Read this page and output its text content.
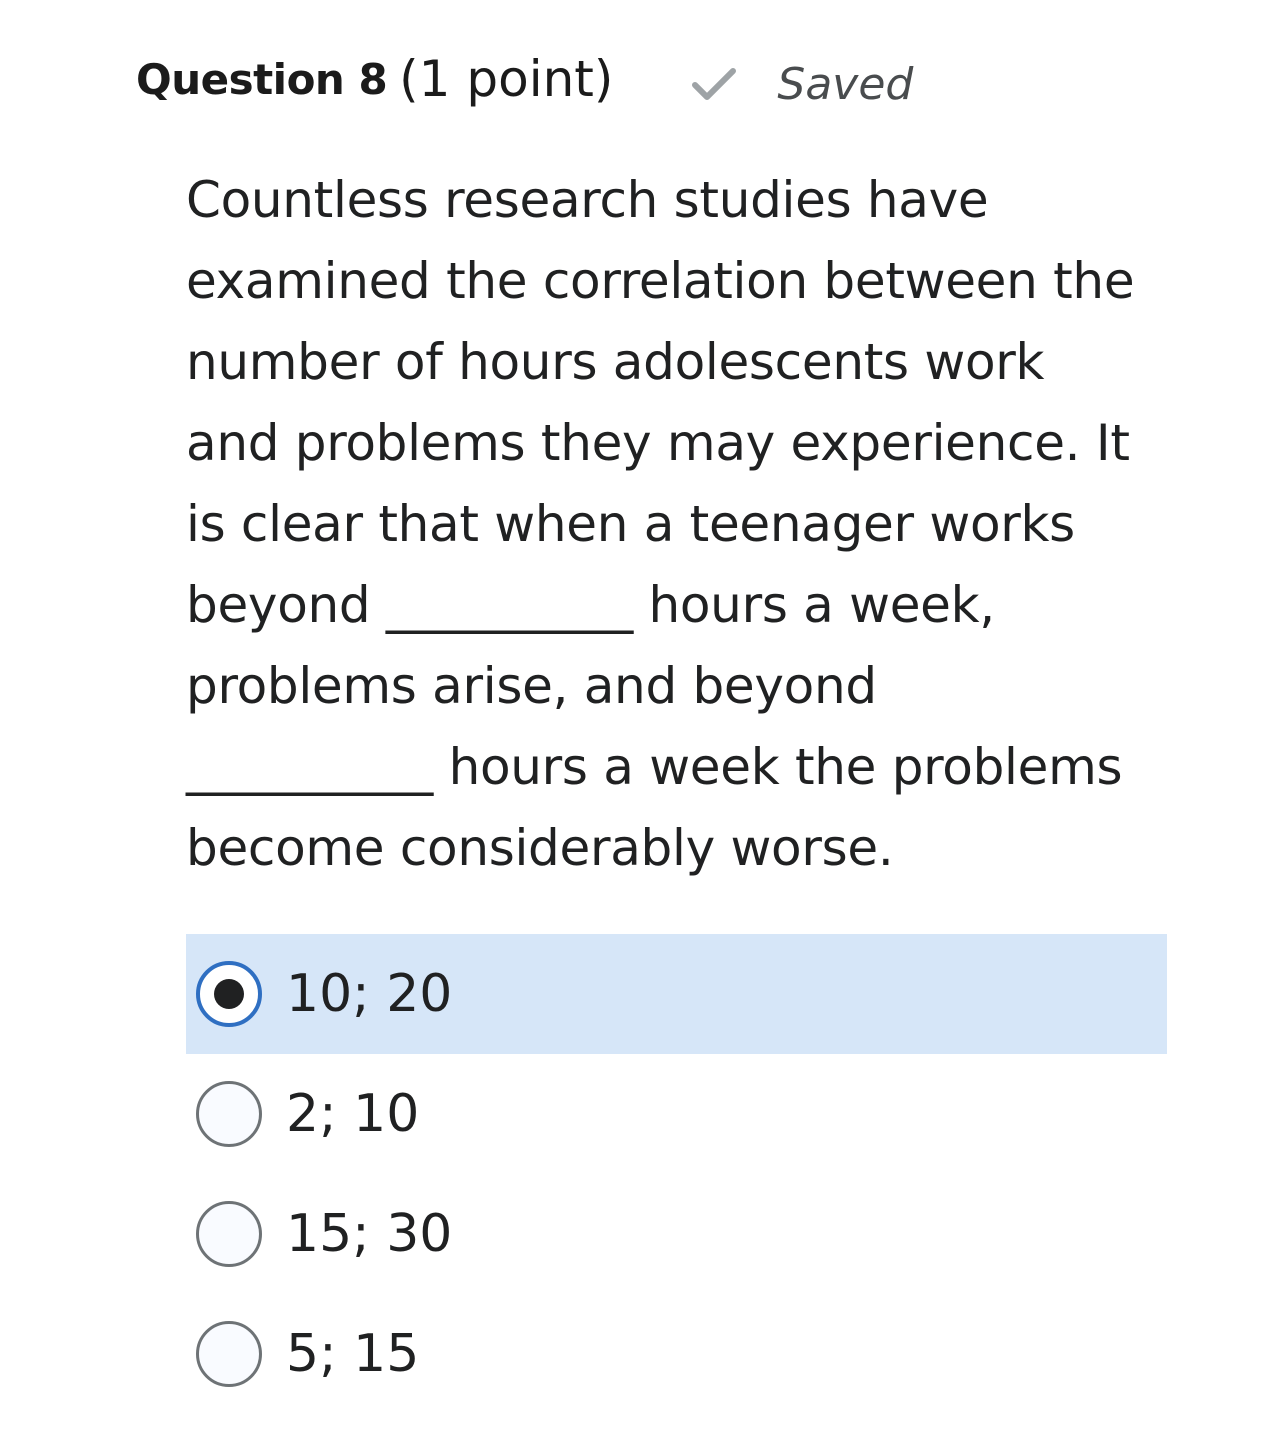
Question 8 (1 point)	Saved
Countless research studies have
examined the correlation between the
number of hours adolescents work
and problems they may experience. It
is clear that when a teenager works
beyond __________ hours a week,
problems arise, and beyond
__________ hours a week the problems
become considerably worse.
10; 20
2; 10
15; 30
5; 15
